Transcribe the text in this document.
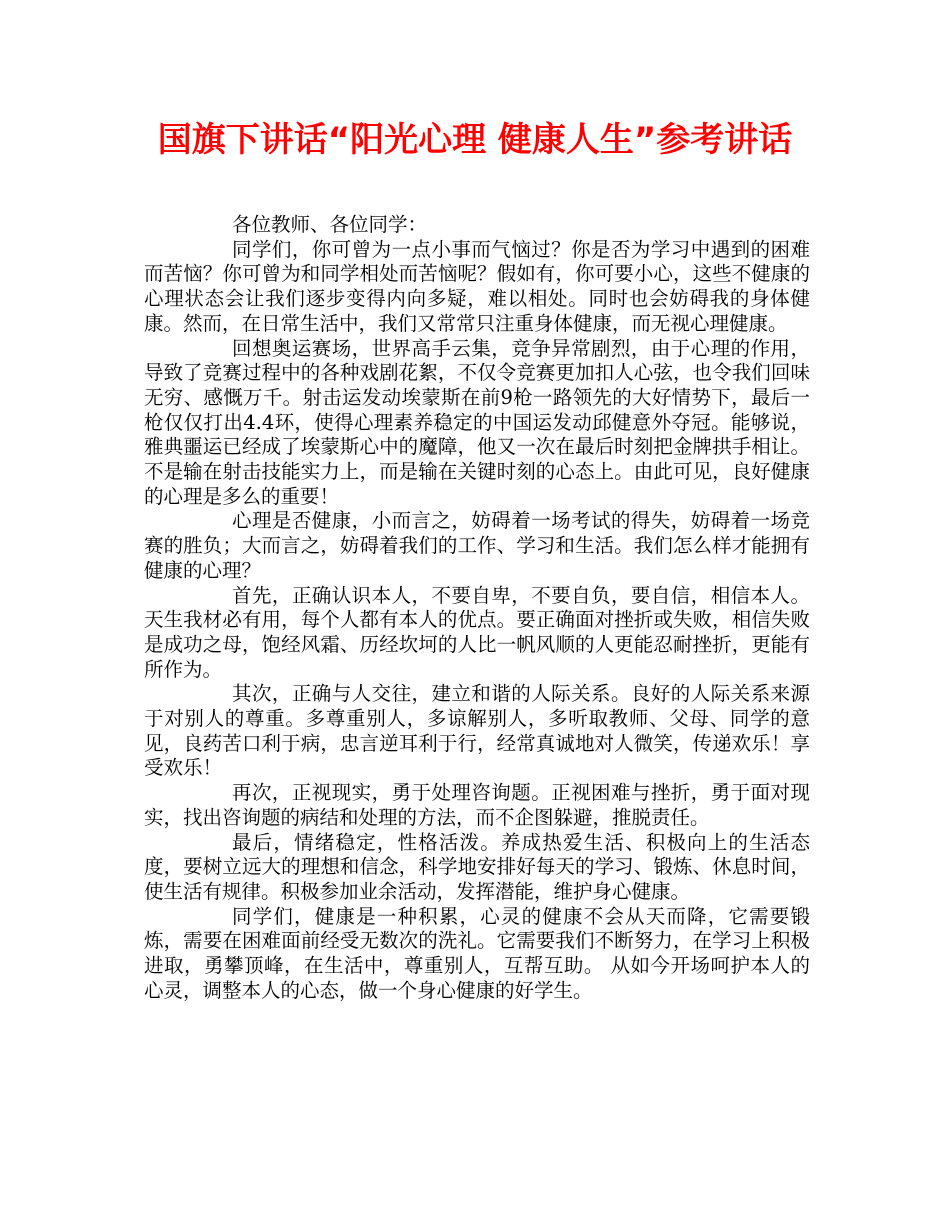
国旗下讲话“阳光心理 健康人生”参考讲话

各位教师、各位同学：

同学们，你可曾为一点小事而气恼过？你是否为学习中遇到的困难而苦恼？你可曾为和同学相处而苦恼呢？假如有，你可要小心，这些不健康的心理状态会让我们逐步变得内向多疑，难以相处。同时也会妨碍我的身体健康。然而，在日常生活中，我们又常常只注重身体健康，而无视心理健康。

回想奥运赛场，世界高手云集，竞争异常剧烈，由于心理的作用，导致了竞赛过程中的各种戏剧花絮，不仅令竞赛更加扣人心弦，也令我们回味无穷、感慨万千。射击运发动埃蒙斯在前9枪一路领先的大好情势下，最后一枪仅仅打出4.4环，使得心理素养稳定的中国运发动邱健意外夺冠。能够说，雅典噩运已经成了埃蒙斯心中的魔障，他又一次在最后时刻把金牌拱手相让。不是输在射击技能实力上，而是输在关键时刻的心态上。由此可见，良好健康的心理是多么的重要！

心理是否健康，小而言之，妨碍着一场考试的得失，妨碍着一场竞赛的胜负；大而言之，妨碍着我们的工作、学习和生活。我们怎么样才能拥有健康的心理？

首先，正确认识本人，不要自卑，不要自负，要自信，相信本人。天生我材必有用，每个人都有本人的优点。要正确面对挫折或失败，相信失败是成功之母，饱经风霜、历经坎坷的人比一帆风顺的人更能忍耐挫折，更能有所作为。

其次，正确与人交往，建立和谐的人际关系。良好的人际关系来源于对别人的尊重。多尊重别人，多谅解别人，多听取教师、父母、同学的意见，良药苦口利于病，忠言逆耳利于行，经常真诚地对人微笑，传递欢乐！享受欢乐！

再次，正视现实，勇于处理咨询题。正视困难与挫折，勇于面对现实，找出咨询题的病结和处理的方法，而不企图躲避，推脱责任。

最后，情绪稳定，性格活泼。养成热爱生活、积极向上的生活态度，要树立远大的理想和信念，科学地安排好每天的学习、锻炼、休息时间，使生活有规律。积极参加业余活动，发挥潜能，维护身心健康。

同学们，健康是一种积累，心灵的健康不会从天而降，它需要锻炼，需要在困难面前经受无数次的洗礼。它需要我们不断努力，在学习上积极进取，勇攀顶峰，在生活中，尊重别人，互帮互助。 从如今开场呵护本人的心灵，调整本人的心态，做一个身心健康的好学生。
